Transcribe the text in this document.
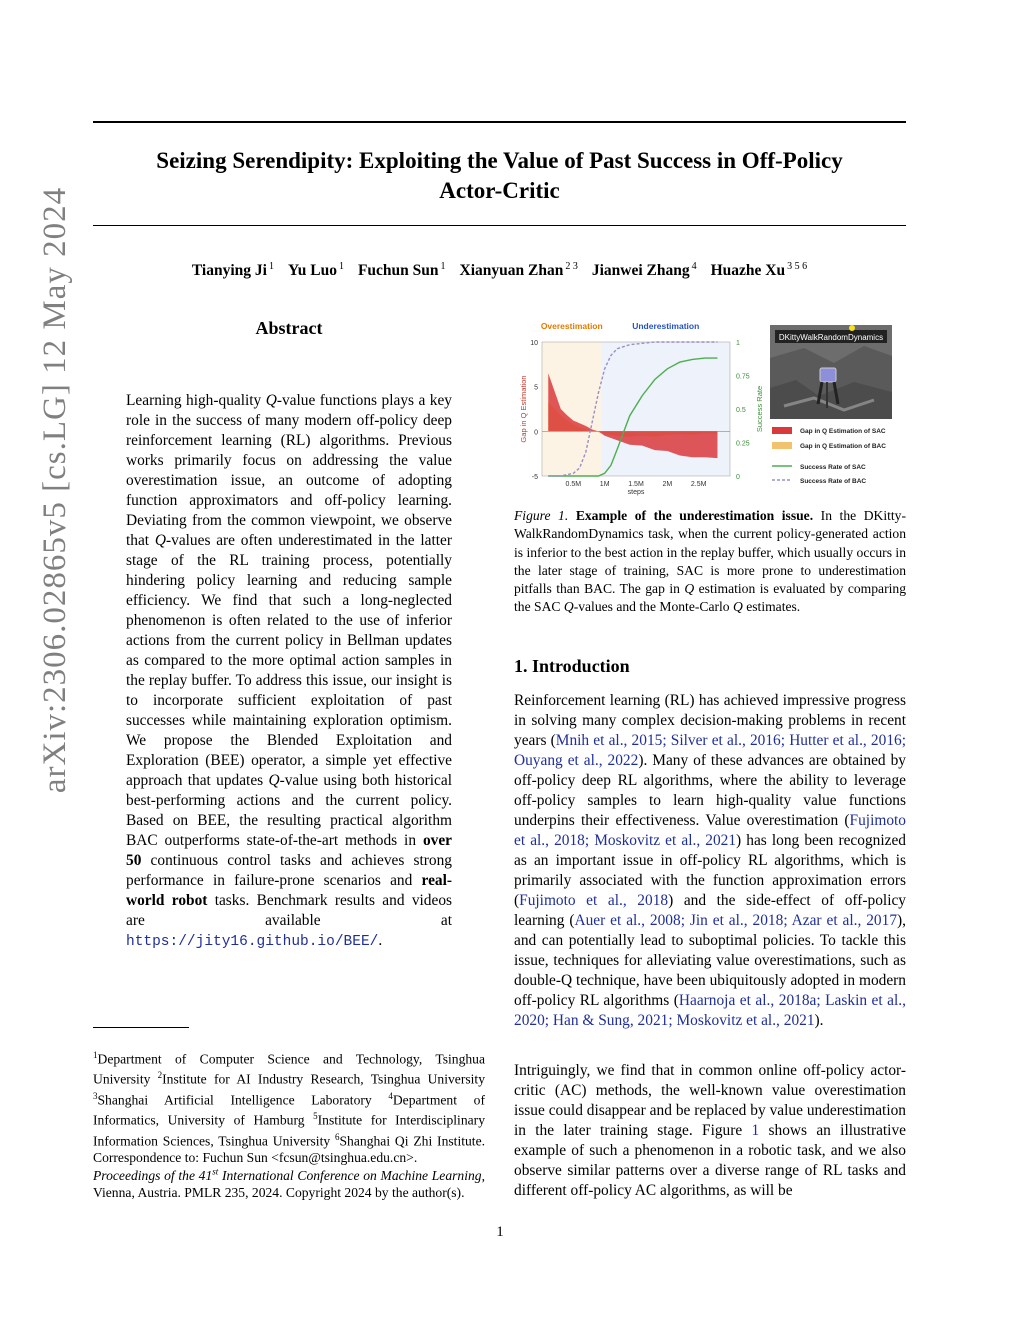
Seizing Serendipity: Exploiting the Value of Past Success in Off-Policy
Actor-Critic
Tianying Ji $^1$ Yu Luo $^1$ Fuchun Sun $^1$ Xianyuan Zhan $^{2 3}$ Jianwei Zhang $^4$ Huazhe Xu $^{3 5 6}$
arXiv:2306.02865v5 [cs.LG] 12 May 2024	Abstract

Learning high-quality Q-value functions plays a key role in the success of many modern off-policy deep reinforcement learning (RL) algorithms. Previous works primarily focus on addressing the value overestimation issue, an outcome of adopting function approximators and off-policy learning. Deviating from the common viewpoint, we observe that Q-values are often underestimated in the latter stage of the RL training process, potentially hindering policy learning and reducing sample efficiency. We find that such a long-neglected phenomenon is often related to the use of inferior actions from the current policy in Bellman updates as compared to the more optimal action samples in the replay buffer. To address this issue, our insight is to incorporate sufficient exploitation of past successes while maintaining exploration optimism. We propose the Blended Exploitation and Exploration (BEE) operator, a simple yet effective approach that updates Q-value using both historical best-performing actions and the current policy. Based on BEE, the resulting practical algorithm BAC outperforms state-of-the-art methods in over 50 continuous control tasks and achieves strong performance in failure-prone scenarios and real-world robot tasks. Benchmark results and videos are available at https://jity16.github.io/BEE/.

$^1$Department of Computer Science and Technology, Tsinghua University $^2$Institute for AI Industry Research, Tsinghua University $^3$Shanghai Artificial Intelligence Laboratory $^4$Department of Informatics, University of Hamburg $^5$Institute for Interdisciplinary Information Sciences, Tsinghua University $^6$Shanghai Qi Zhi Institute. Correspondence to: Fuchun Sun <fcsun@tsinghua.edu.cn>.

Proceedings of the 41st International Conference on Machine Learning, Vienna, Austria. PMLR 235, 2024. Copyright 2024 by the author(s).

Overestimation	Underestimation
10
5
0
-5
1
0.75
0.5
0.25
0
0.5M	1M	1.5M	2M	2.5M
steps
Gap in Q Estimation	Success Rate
DKittyWalkRandomDynamics
Gap in Q Estimation of SAC
Gap in Q Estimation of BAC
Success Rate of SAC
Success Rate of BAC
Figure 1. Example of the underestimation issue. In the DKitty-WalkRandomDynamics task, when the current policy-generated action is inferior to the best action in the replay buffer, which usually occurs in the later stage of training, SAC is more prone to underestimation pitfalls than BAC. The gap in Q estimation is evaluated by comparing the SAC Q-values and the Monte-Carlo Q estimates.
1. Introduction

Reinforcement learning (RL) has achieved impressive progress in solving many complex decision-making problems in recent years (Mnih et al., 2015; Silver et al., 2016; Hutter et al., 2016; Ouyang et al., 2022). Many of these advances are obtained by off-policy deep RL algorithms, where the ability to leverage off-policy samples to learn high-quality value functions underpins their effectiveness. Value overestimation (Fujimoto et al., 2018; Moskovitz et al., 2021) has long been recognized as an important issue in off-policy RL algorithms, which is primarily associated with the function approximation errors (Fujimoto et al., 2018) and the side-effect of off-policy learning (Auer et al., 2008; Jin et al., 2018; Azar et al., 2017), and can potentially lead to suboptimal policies. To tackle this issue, techniques for alleviating value overestimations, such as double-Q technique, have been ubiquitously adopted in modern off-policy RL algorithms (Haarnoja et al., 2018a; Laskin et al., 2020; Han & Sung, 2021; Moskovitz et al., 2021).

Intriguingly, we find that in common online off-policy actor-critic (AC) methods, the well-known value overestimation issue could disappear and be replaced by value underestimation in the later training stage. Figure 1 shows an illustrative example of such a phenomenon in a robotic task, and we also observe similar patterns over a diverse range of RL tasks and different off-policy AC algorithms, as will be

1
